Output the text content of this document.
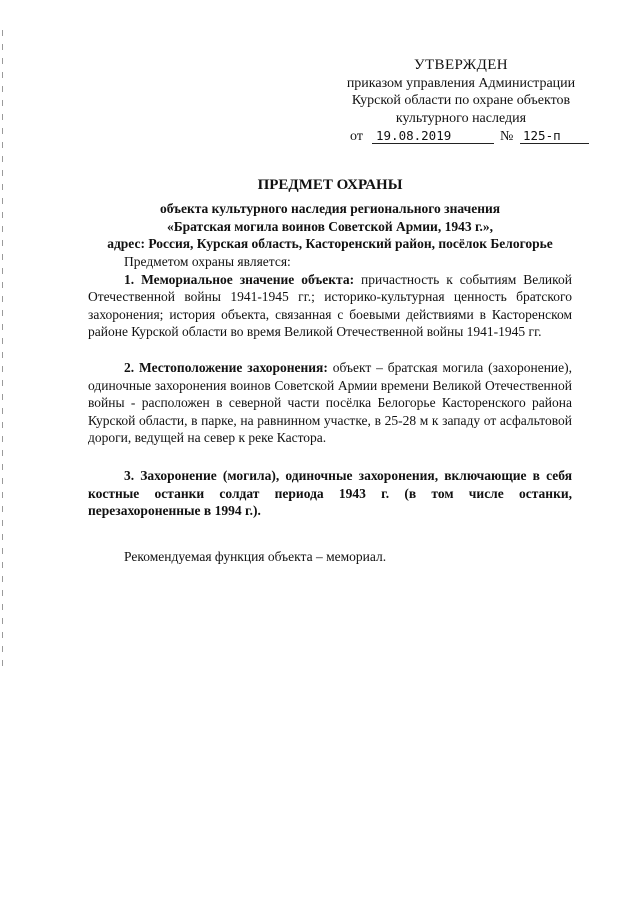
УТВЕРЖДЕН
приказом управления Администрации
Курской области по охране объектов
культурного наследия
от	19.08.2019	№ 125-п
ПРЕДМЕТ ОХРАНЫ
объекта культурного наследия регионального значения
«Братская могила воинов Советской Армии, 1943 г.»,
адрес: Россия, Курская область, Касторенский район, посёлок Белогорье

Предметом охраны является:

1. Мемориальное значение объекта: причастность к событиям Великой Отечественной войны 1941-1945 гг.; историко-культурная ценность братского захоронения; история объекта, связанная с боевыми действиями в Касторенском районе Курской области во время Великой Отечественной войны 1941-1945 гг.

2. Местоположение захоронения: объект – братская могила (захоронение), одиночные захоронения воинов Советской Армии времени Великой Отечественной войны - расположен в северной части посёлка Белогорье Касторенского района Курской области, в парке, на равнинном участке, в 25-28 м к западу от асфальтовой дороги, ведущей на север к реке Кастора.

3. Захоронение (могила), одиночные захоронения, включающие в себя костные останки солдат периода 1943 г. (в том числе останки, перезахороненные в 1994 г.).

Рекомендуемая функция объекта – мемориал.
